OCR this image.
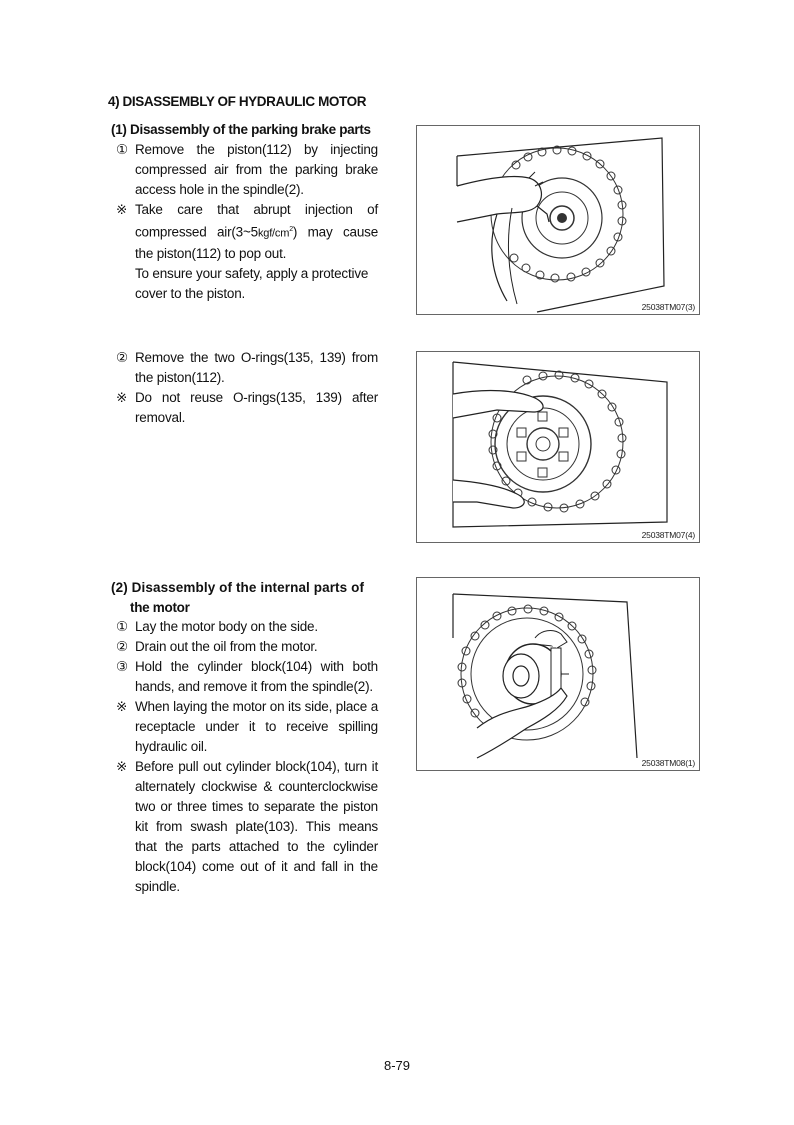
4) DISASSEMBLY OF HYDRAULIC MOTOR
(1) Disassembly of the parking brake parts
① Remove the piston(112) by injecting compressed air from the parking brake access hole in the spindle(2).
※ Take care that abrupt injection of compressed $air(3\sim 5kgf/cm^2)$ may cause the piston(112) to pop out.
To ensure your safety, apply a protective cover to the piston.
25038TM07(3)
② Remove the two O-rings(135, 139) from the piston(112).
※ Do not reuse O-rings(135, 139) after removal.
25038TM07(4)
(2) Disassembly of the internal parts of
the motor
① Lay the motor body on the side.
② Drain out the oil from the motor.
③ Hold the cylinder block(104) with both hands, and remove it from the spindle(2).
※ When laying the motor on its side, place a receptacle under it to receive spilling hydraulic oil.
※ Before pull out cylinder block(104), turn it alternately clockwise & counterclockwise two or three times to separate the piston kit from swash plate(103). This means that the parts attached to the cylinder block(104) come out of it and fall in the spindle.
25038TM08(1)
8-79
